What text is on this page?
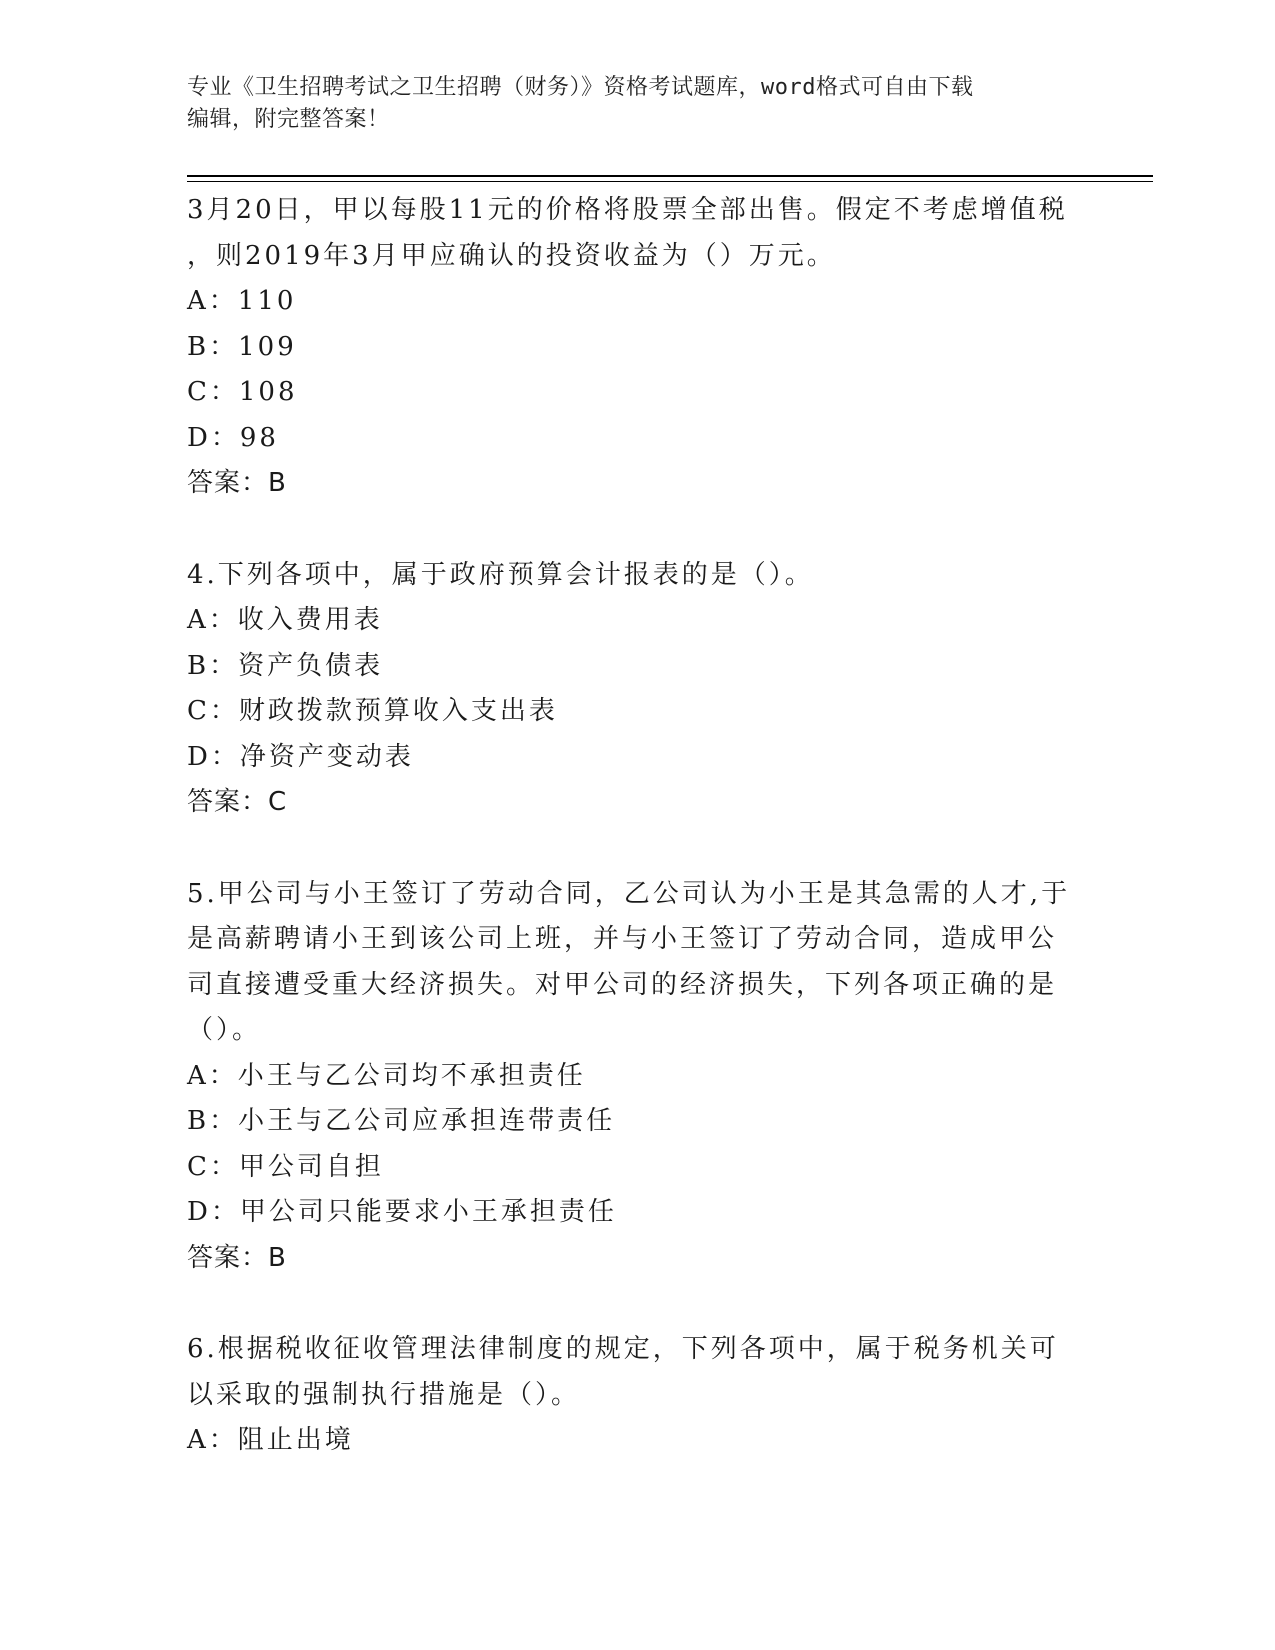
专业《卫生招聘考试之卫生招聘（财务）》资格考试题库，word格式可自由下载
编辑，附完整答案！
3月20日，甲以每股11元的价格将股票全部出售。假定不考虑增值税
，则2019年3月甲应确认的投资收益为（）万元。
A：110
B：109
C：108
D：98
答案：B
4.下列各项中，属于政府预算会计报表的是（）。
A：收入费用表
B：资产负债表
C：财政拨款预算收入支出表
D：净资产变动表
答案：C
5.甲公司与小王签订了劳动合同，乙公司认为小王是其急需的人才,于
是高薪聘请小王到该公司上班，并与小王签订了劳动合同，造成甲公
司直接遭受重大经济损失。对甲公司的经济损失，下列各项正确的是
（）。
A：小王与乙公司均不承担责任
B：小王与乙公司应承担连带责任
C：甲公司自担
D：甲公司只能要求小王承担责任
答案：B
6.根据税收征收管理法律制度的规定，下列各项中，属于税务机关可
以采取的强制执行措施是（）。
A：阻止出境
